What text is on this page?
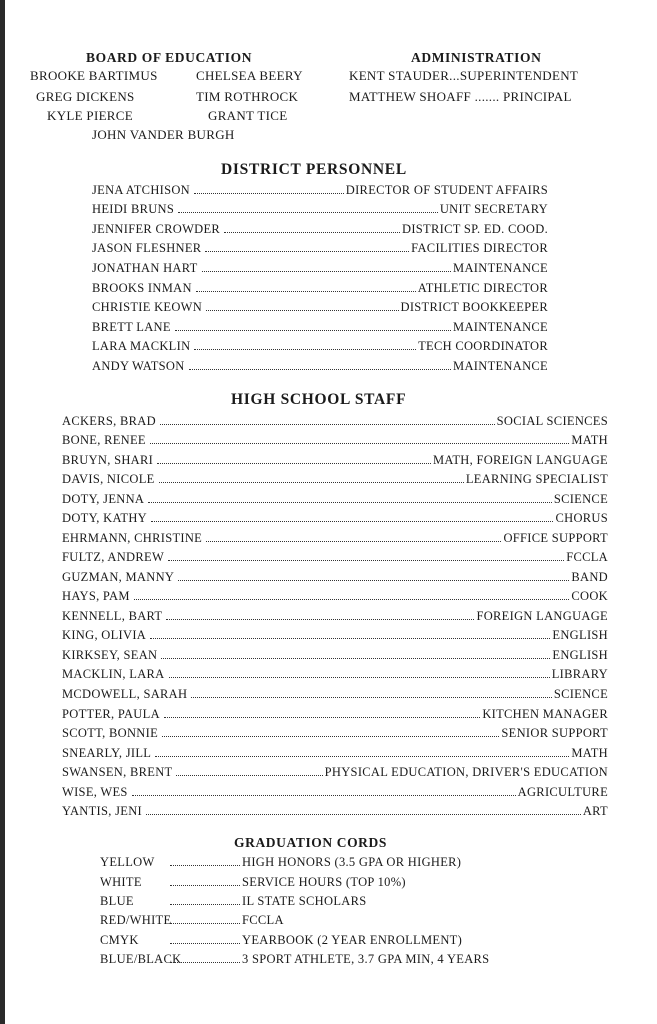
BOARD OF EDUCATION
BROOKE BARTIMUS	CHELSEA BEERY
GREG DICKENS	TIM ROTHROCK
KYLE PIERCE	GRANT TICE
JOHN VANDER BURGH
ADMINISTRATION
KENT STAUDER...SUPERINTENDENT
MATTHEW SHOAFF ....... PRINCIPAL
DISTRICT PERSONNEL
JENA ATCHISON	DIRECTOR OF STUDENT AFFAIRS
HEIDI BRUNS	UNIT SECRETARY
JENNIFER CROWDER	DISTRICT SP. ED. COOD.
JASON FLESHNER	FACILITIES DIRECTOR
JONATHAN HART	MAINTENANCE
BROOKS INMAN	ATHLETIC DIRECTOR
CHRISTIE KEOWN	DISTRICT BOOKKEEPER
BRETT LANE	MAINTENANCE
LARA MACKLIN	TECH COORDINATOR
ANDY WATSON	MAINTENANCE
HIGH SCHOOL STAFF
ACKERS, BRAD	SOCIAL SCIENCES
BONE, RENEE	MATH
BRUYN, SHARI	MATH, FOREIGN LANGUAGE
DAVIS, NICOLE	LEARNING SPECIALIST
DOTY, JENNA	SCIENCE
DOTY, KATHY	CHORUS
EHRMANN, CHRISTINE	OFFICE SUPPORT
FULTZ, ANDREW	FCCLA
GUZMAN, MANNY	BAND
HAYS, PAM	COOK
KENNELL, BART	FOREIGN LANGUAGE
KING, OLIVIA	ENGLISH
KIRKSEY, SEAN	ENGLISH
MACKLIN, LARA	LIBRARY
MCDOWELL, SARAH	SCIENCE
POTTER, PAULA	KITCHEN MANAGER
SCOTT, BONNIE	SENIOR SUPPORT
SNEARLY, JILL	MATH
SWANSEN, BRENT	PHYSICAL EDUCATION, DRIVER'S EDUCATION
WISE, WES	AGRICULTURE
YANTIS, JENI	ART
GRADUATION CORDS
YELLOW	HIGH HONORS (3.5 GPA OR HIGHER)
WHITE	SERVICE HOURS (TOP 10%)
BLUE	IL STATE SCHOLARS
RED/WHITE	FCCLA
CMYK	YEARBOOK (2 YEAR ENROLLMENT)
BLUE/BLACK	3 SPORT ATHLETE, 3.7 GPA MIN, 4 YEARS
